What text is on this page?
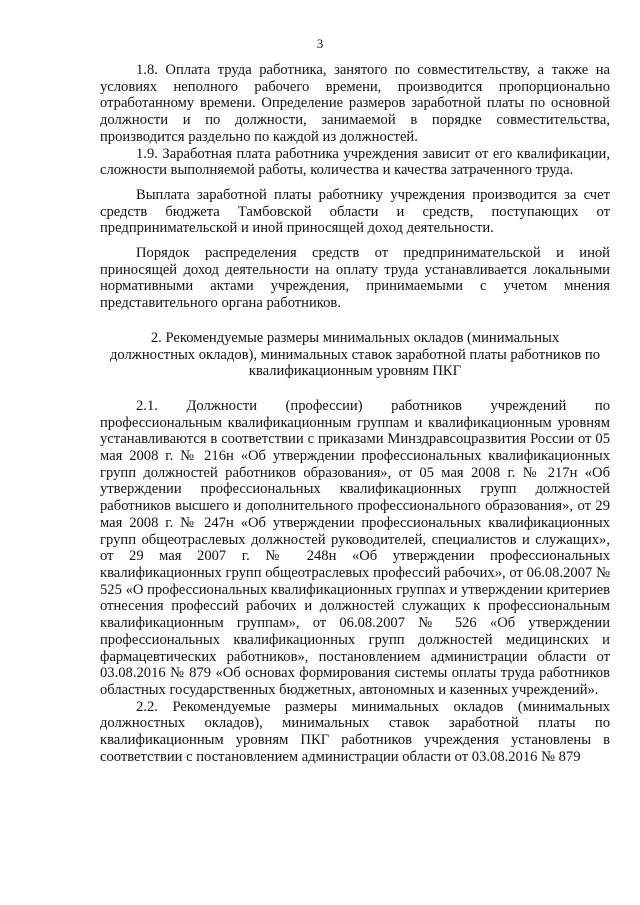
3

1.8. Оплата труда работника, занятого по совместительству, а также на условиях неполного рабочего времени, производится пропорционально отработанному времени. Определение размеров заработной платы по основной должности и по должности, занимаемой в порядке совместительства, производится раздельно по каждой из должностей.

1.9. Заработная плата работника учреждения зависит от его квалификации, сложности выполняемой работы, количества и качества затраченного труда.

Выплата заработной платы работнику учреждения производится за счет средств бюджета Тамбовской области и средств, поступающих от предпринимательской и иной приносящей доход деятельности.

Порядок распределения средств от предпринимательской и иной приносящей доход деятельности на оплату труда устанавливается локальными нормативными актами учреждения, принимаемыми с учетом мнения представительного органа работников.

2. Рекомендуемые размеры минимальных окладов (минимальных должностных окладов), минимальных ставок заработной платы работников по квалификационным уровням ПКГ

2.1. Должности (профессии) работников учреждений по профессиональным квалификационным группам и квалификационным уровням устанавливаются в соответствии с приказами Минздравсоцразвития России от 05 мая 2008 г. № 216н «Об утверждении профессиональных квалификационных групп должностей работников образования», от 05 мая 2008 г. № 217н «Об утверждении профессиональных квалификационных групп должностей работников высшего и дополнительного профессионального образования», от 29 мая 2008 г. № 247н «Об утверждении профессиональных квалификационных групп общеотраслевых должностей руководителей, специалистов и служащих», от 29 мая 2007 г. № 248н «Об утверждении профессиональных квалификационных групп общеотраслевых профессий рабочих», от 06.08.2007 № 525 «О профессиональных квалификационных группах и утверждении критериев отнесения профессий рабочих и должностей служащих к профессиональным квалификационным группам», от 06.08.2007 № 526 «Об утверждении профессиональных квалификационных групп должностей медицинских и фармацевтических работников», постановлением администрации области от 03.08.2016 № 879 «Об основах формирования системы оплаты труда работников областных государственных бюджетных, автономных и казенных учреждений».

2.2. Рекомендуемые размеры минимальных окладов (минимальных должностных окладов), минимальных ставок заработной платы по квалификационным уровням ПКГ работников учреждения установлены в соответствии с постановлением администрации области от 03.08.2016 № 879
